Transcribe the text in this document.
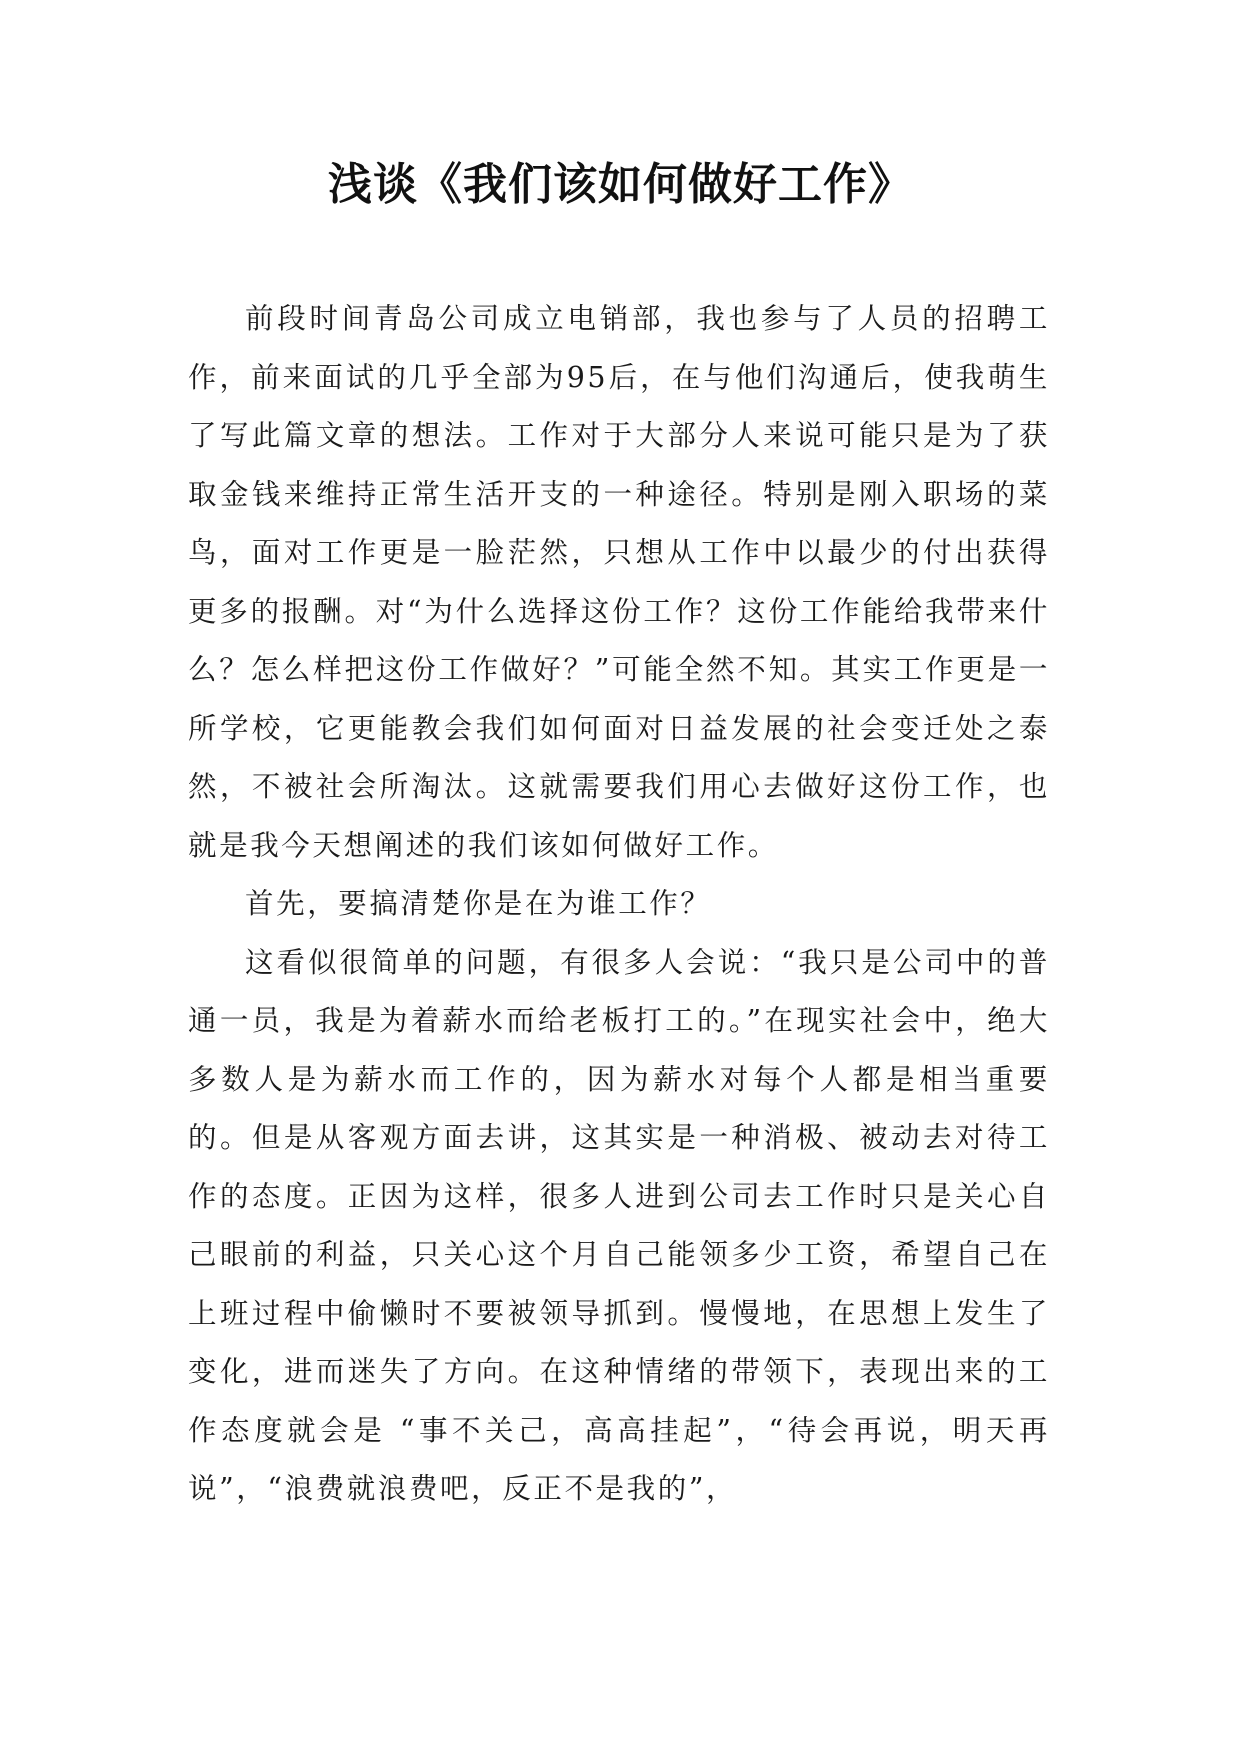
浅谈《我们该如何做好工作》

前段时间青岛公司成立电销部，我也参与了人员的招聘工作，前来面试的几乎全部为95后，在与他们沟通后，使我萌生了写此篇文章的想法。工作对于大部分人来说可能只是为了获取金钱来维持正常生活开支的一种途径。特别是刚入职场的菜鸟，面对工作更是一脸茫然，只想从工作中以最少的付出获得更多的报酬。对“为什么选择这份工作？这份工作能给我带来什么？怎么样把这份工作做好？”可能全然不知。其实工作更是一所学校，它更能教会我们如何面对日益发展的社会变迁处之泰然，不被社会所淘汰。这就需要我们用心去做好这份工作，也就是我今天想阐述的我们该如何做好工作。

首先，要搞清楚你是在为谁工作？

这看似很简单的问题，有很多人会说：“我只是公司中的普通一员，我是为着薪水而给老板打工的。”在现实社会中，绝大多数人是为薪水而工作的，因为薪水对每个人都是相当重要的。但是从客观方面去讲，这其实是一种消极、被动去对待工作的态度。正因为这样，很多人进到公司去工作时只是关心自己眼前的利益，只关心这个月自己能领多少工资，希望自己在上班过程中偷懒时不要被领导抓到。慢慢地，在思想上发生了变化，进而迷失了方向。在这种情绪的带领下，表现出来的工作态度就会是 “事不关己，高高挂起”，“待会再说，明天再说”，“浪费就浪费吧，反正不是我的”，
